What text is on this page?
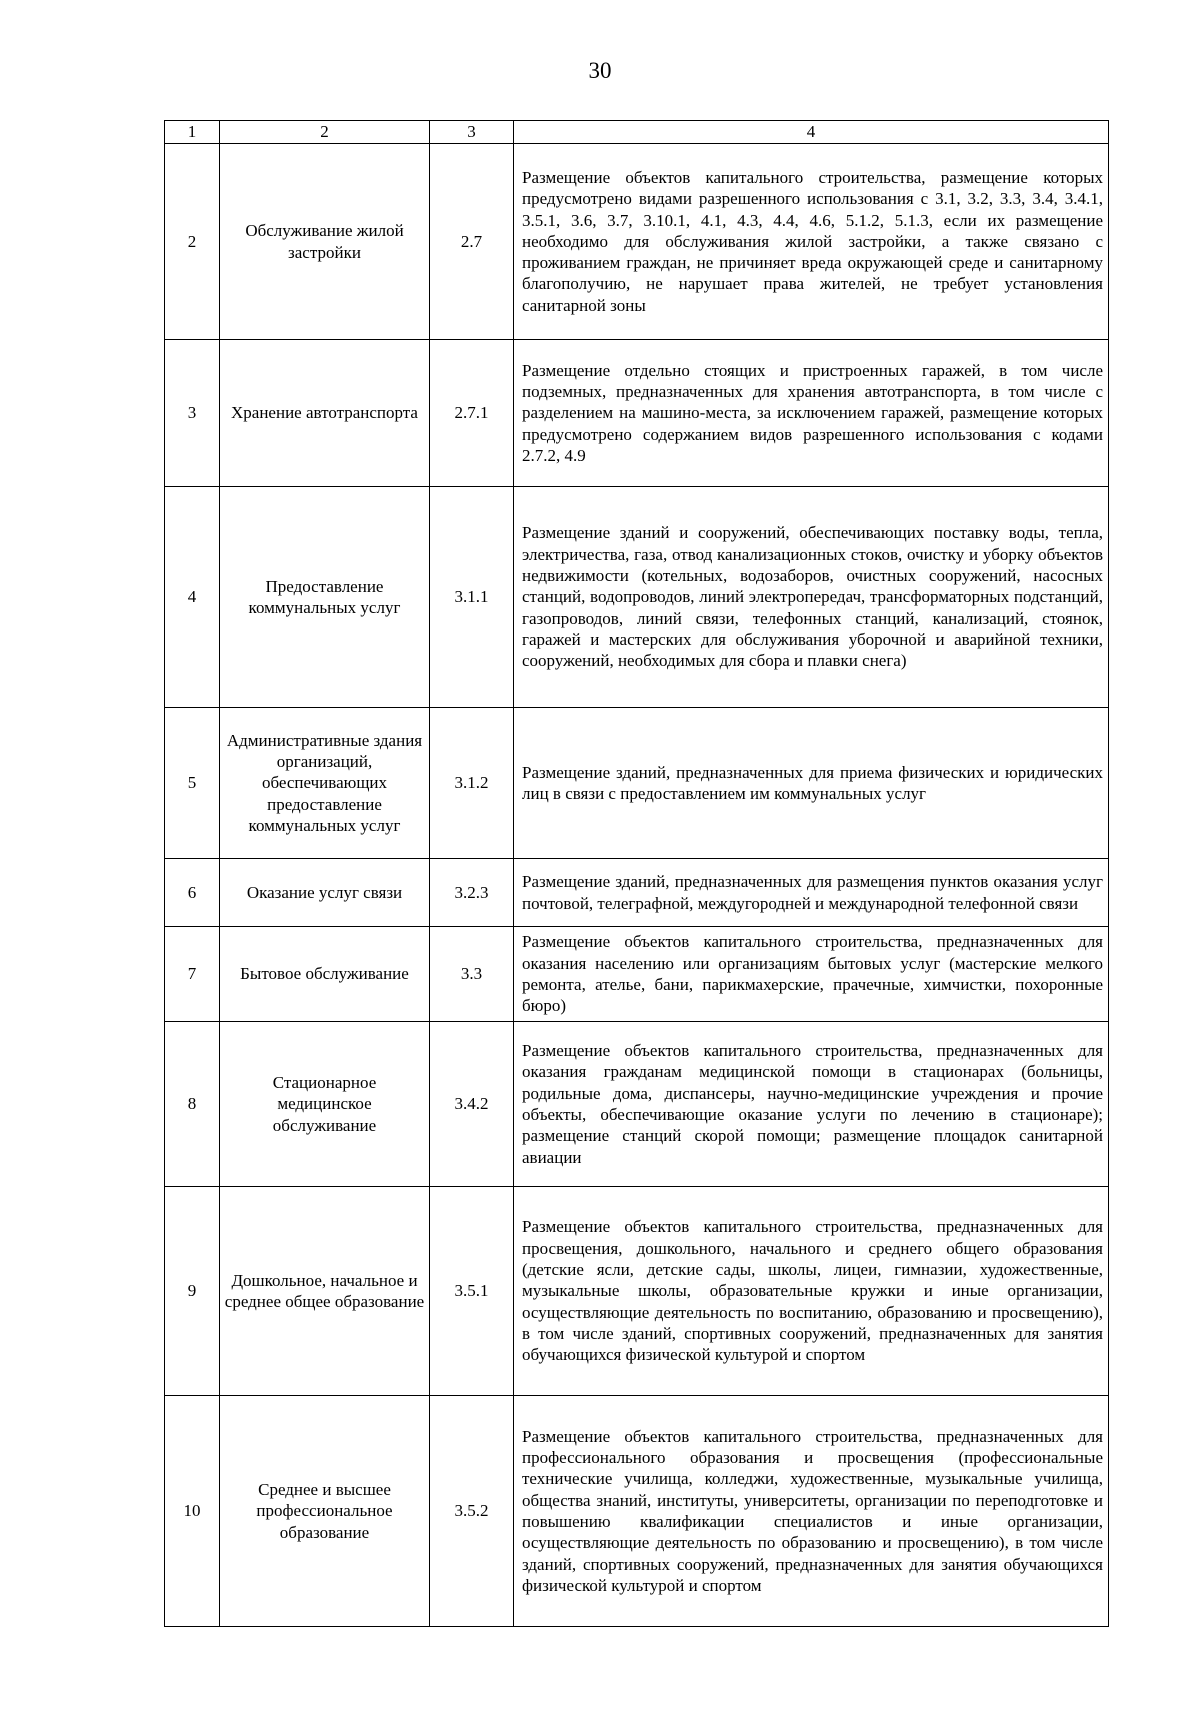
30
1	2	3	4
2	Обслуживание жилой застройки	2.7	Размещение объектов капитального строительства, размещение которых предусмотрено видами разрешенного использования с 3.1, 3.2, 3.3, 3.4, 3.4.1, 3.5.1, 3.6, 3.7, 3.10.1, 4.1, 4.3, 4.4, 4.6, 5.1.2, 5.1.3, если их размещение необходимо для обслуживания жилой застройки, а также связано с проживанием граждан, не причиняет вреда окружающей среде и санитарному благополучию, не нарушает права жителей, не требует установления санитарной зоны
3	Хранение автотранспорта	2.7.1	Размещение отдельно стоящих и пристроенных гаражей, в том числе подземных, предназначенных для хранения автотранспорта, в том числе с разделением на машино-места, за исключением гаражей, размещение которых предусмотрено содержанием видов разрешенного использования с кодами 2.7.2, 4.9
4	Предоставление коммунальных услуг	3.1.1	Размещение зданий и сооружений, обеспечивающих поставку воды, тепла, электричества, газа, отвод канализационных стоков, очистку и уборку объектов недвижимости (котельных, водозаборов, очистных сооружений, насосных станций, водопроводов, линий электропередач, трансформаторных подстанций, газопроводов, линий связи, телефонных станций, канализаций, стоянок, гаражей и мастерских для обслуживания уборочной и аварийной техники, сооружений, необходимых для сбора и плавки снега)
5	Административные здания организаций, обеспечивающих предоставление коммунальных услуг	3.1.2	Размещение зданий, предназначенных для приема физических и юридических лиц в связи с предоставлением им коммунальных услуг
6	Оказание услуг связи	3.2.3	Размещение зданий, предназначенных для размещения пунктов оказания услуг почтовой, телеграфной, междугородней и международной телефонной связи
7	Бытовое обслуживание	3.3	Размещение объектов капитального строительства, предназначенных для оказания населению или организациям бытовых услуг (мастерские мелкого ремонта, ателье, бани, парикмахерские, прачечные, химчистки, похоронные бюро)
8	Стационарное медицинское обслуживание	3.4.2	Размещение объектов капитального строительства, предназначенных для оказания гражданам медицинской помощи в стационарах (больницы, родильные дома, диспансеры, научно-медицинские учреждения и прочие объекты, обеспечивающие оказание услуги по лечению в стационаре); размещение станций скорой помощи; размещение площадок санитарной авиации
9	Дошкольное, начальное и среднее общее образование	3.5.1	Размещение объектов капитального строительства, предназначенных для просвещения, дошкольного, начального и среднего общего образования (детские ясли, детские сады, школы, лицеи, гимназии, художественные, музыкальные школы, образовательные кружки и иные организации, осуществляющие деятельность по воспитанию, образованию и просвещению), в том числе зданий, спортивных сооружений, предназначенных для занятия обучающихся физической культурой и спортом
10	Среднее и высшее профессиональное образование	3.5.2	Размещение объектов капитального строительства, предназначенных для профессионального образования и просвещения (профессиональные технические училища, колледжи, художественные, музыкальные училища, общества знаний, институты, университеты, организации по переподготовке и повышению квалификации специалистов и иные организации, осуществляющие деятельность по образованию и просвещению), в том числе зданий, спортивных сооружений, предназначенных для занятия обучающихся физической культурой и спортом
